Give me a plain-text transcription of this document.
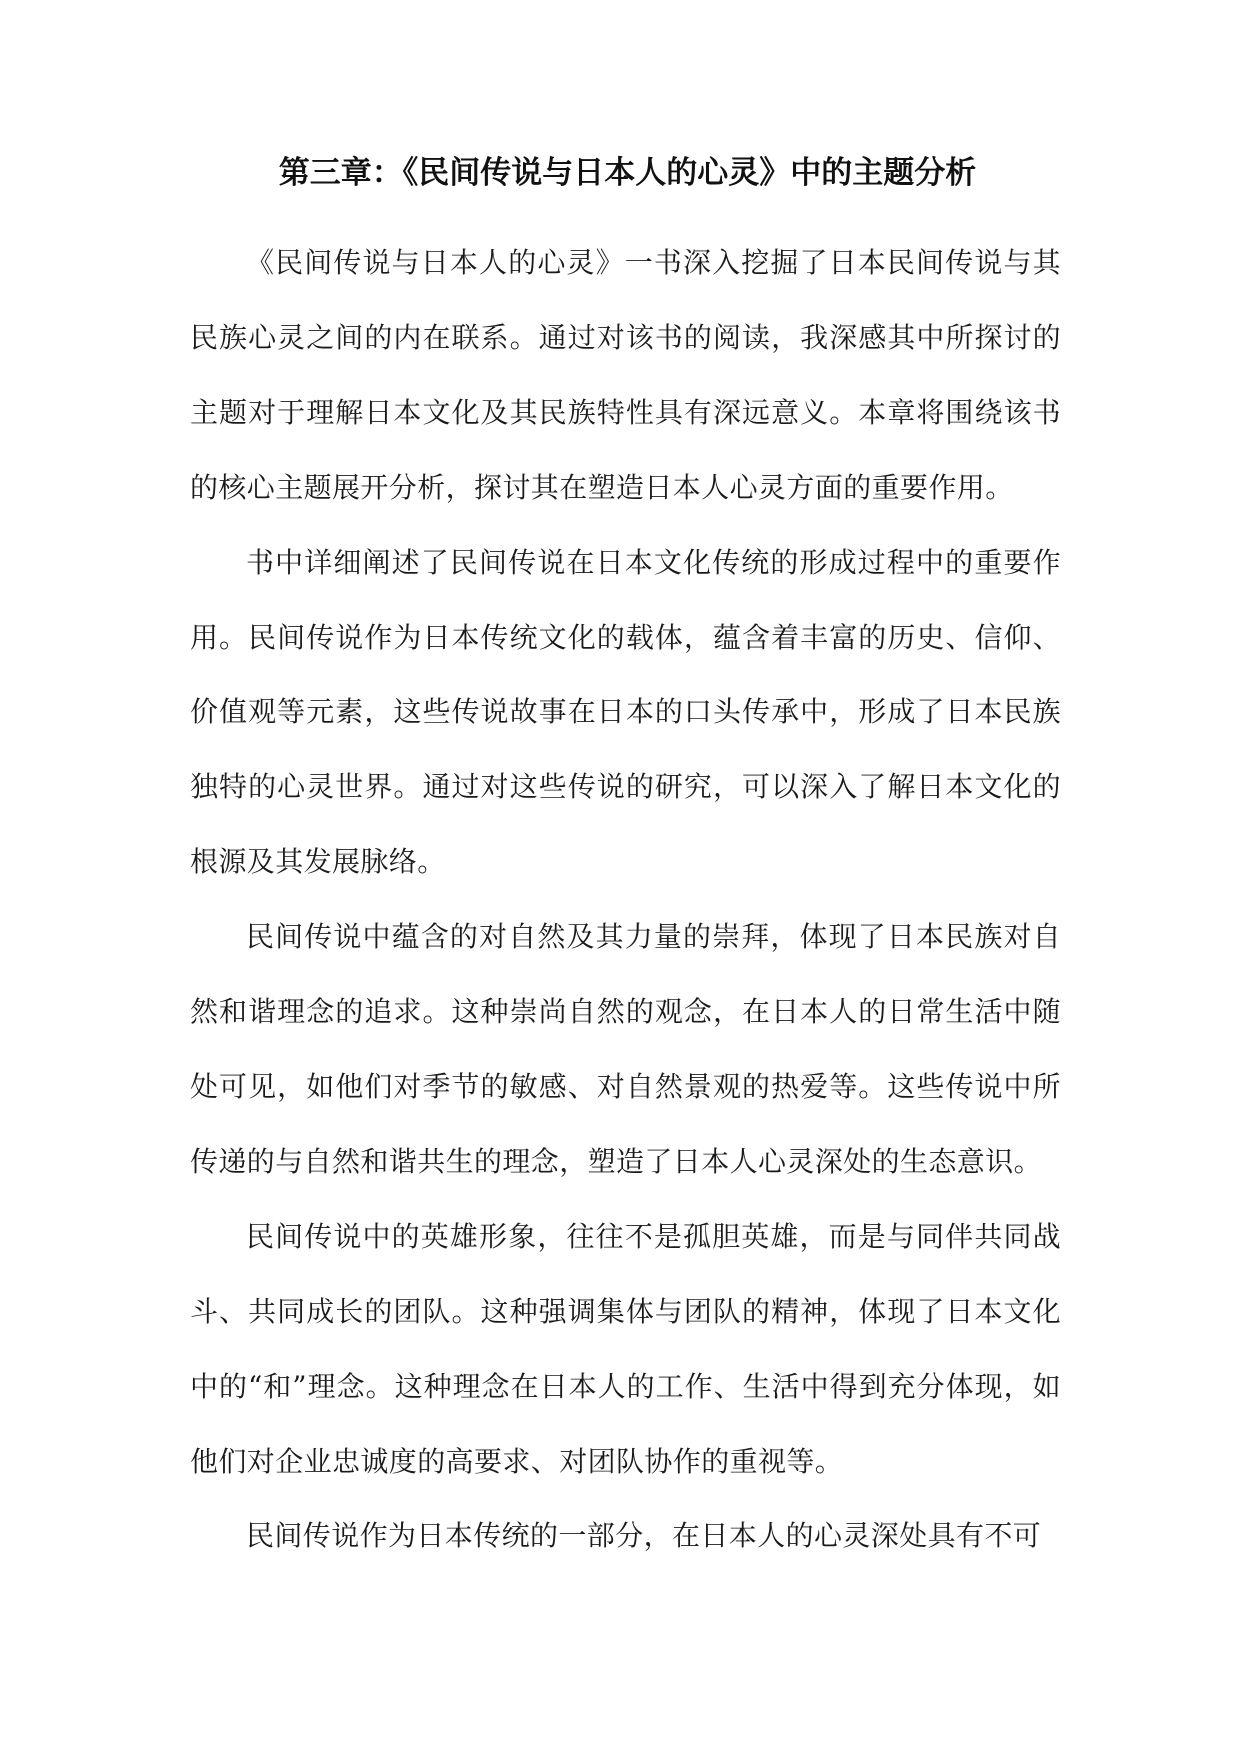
第三章：《民间传说与日本人的心灵》中的主题分析

《民间传说与日本人的心灵》一书深入挖掘了日本民间传说与其民族心灵之间的内在联系。通过对该书的阅读，我深感其中所探讨的主题对于理解日本文化及其民族特性具有深远意义。本章将围绕该书的核心主题展开分析，探讨其在塑造日本人心灵方面的重要作用。

书中详细阐述了民间传说在日本文化传统的形成过程中的重要作用。民间传说作为日本传统文化的载体，蕴含着丰富的历史、信仰、价值观等元素，这些传说故事在日本的口头传承中，形成了日本民族独特的心灵世界。通过对这些传说的研究，可以深入了解日本文化的根源及其发展脉络。

民间传说中蕴含的对自然及其力量的崇拜，体现了日本民族对自然和谐理念的追求。这种崇尚自然的观念，在日本人的日常生活中随处可见，如他们对季节的敏感、对自然景观的热爱等。这些传说中所传递的与自然和谐共生的理念，塑造了日本人心灵深处的生态意识。

民间传说中的英雄形象，往往不是孤胆英雄，而是与同伴共同战斗、共同成长的团队。这种强调集体与团队的精神，体现了日本文化中的“和”理念。这种理念在日本人的工作、生活中得到充分体现，如他们对企业忠诚度的高要求、对团队协作的重视等。

民间传说作为日本传统的一部分，在日本人的心灵深处具有不可
